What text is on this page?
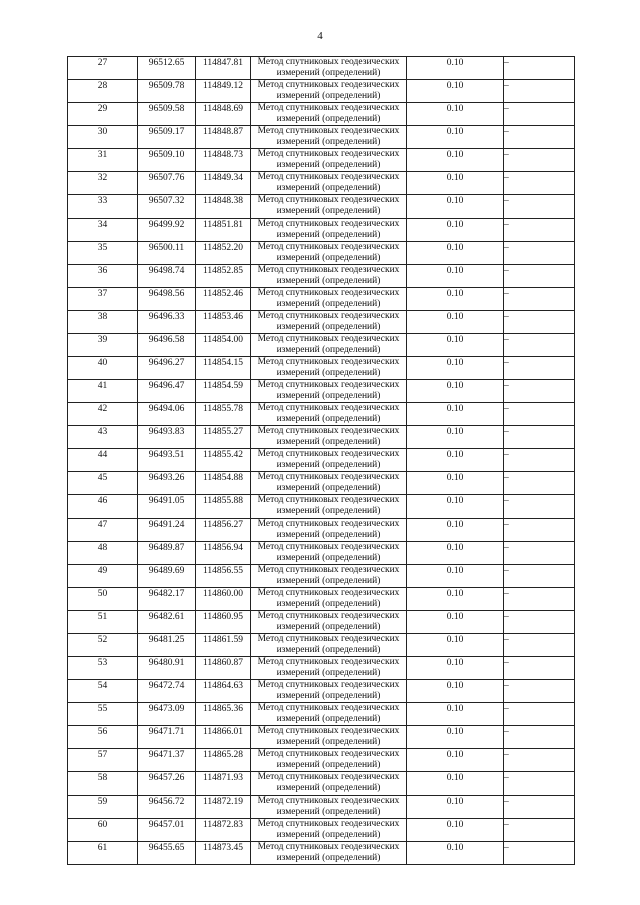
4
27	96512.65	114847.81	Метод спутниковых геодезических измерений (определений)	0.10	–

28	96509.78	114849.12	Метод спутниковых геодезических измерений (определений)	0.10	–

29	96509.58	114848.69	Метод спутниковых геодезических измерений (определений)	0.10	–

30	96509.17	114848.87	Метод спутниковых геодезических измерений (определений)	0.10	–

31	96509.10	114848.73	Метод спутниковых геодезических измерений (определений)	0.10	–

32	96507.76	114849.34	Метод спутниковых геодезических измерений (определений)	0.10	–

33	96507.32	114848.38	Метод спутниковых геодезических измерений (определений)	0.10	–

34	96499.92	114851.81	Метод спутниковых геодезических измерений (определений)	0.10	–

35	96500.11	114852.20	Метод спутниковых геодезических измерений (определений)	0.10	–

36	96498.74	114852.85	Метод спутниковых геодезических измерений (определений)	0.10	–

37	96498.56	114852.46	Метод спутниковых геодезических измерений (определений)	0.10	–

38	96496.33	114853.46	Метод спутниковых геодезических измерений (определений)	0.10	–

39	96496.58	114854.00	Метод спутниковых геодезических измерений (определений)	0.10	–

40	96496.27	114854.15	Метод спутниковых геодезических измерений (определений)	0.10	–

41	96496.47	114854.59	Метод спутниковых геодезических измерений (определений)	0.10	–

42	96494.06	114855.78	Метод спутниковых геодезических измерений (определений)	0.10	–

43	96493.83	114855.27	Метод спутниковых геодезических измерений (определений)	0.10	–

44	96493.51	114855.42	Метод спутниковых геодезических измерений (определений)	0.10	–

45	96493.26	114854.88	Метод спутниковых геодезических измерений (определений)	0.10	–

46	96491.05	114855.88	Метод спутниковых геодезических измерений (определений)	0.10	–

47	96491.24	114856.27	Метод спутниковых геодезических измерений (определений)	0.10	–

48	96489.87	114856.94	Метод спутниковых геодезических измерений (определений)	0.10	–

49	96489.69	114856.55	Метод спутниковых геодезических измерений (определений)	0.10	–

50	96482.17	114860.00	Метод спутниковых геодезических измерений (определений)	0.10	–

51	96482.61	114860.95	Метод спутниковых геодезических измерений (определений)	0.10	–

52	96481.25	114861.59	Метод спутниковых геодезических измерений (определений)	0.10	–

53	96480.91	114860.87	Метод спутниковых геодезических измерений (определений)	0.10	–

54	96472.74	114864.63	Метод спутниковых геодезических измерений (определений)	0.10	–

55	96473.09	114865.36	Метод спутниковых геодезических измерений (определений)	0.10	–

56	96471.71	114866.01	Метод спутниковых геодезических измерений (определений)	0.10	–

57	96471.37	114865.28	Метод спутниковых геодезических измерений (определений)	0.10	–

58	96457.26	114871.93	Метод спутниковых геодезических измерений (определений)	0.10	–

59	96456.72	114872.19	Метод спутниковых геодезических измерений (определений)	0.10	–

60	96457.01	114872.83	Метод спутниковых геодезических измерений (определений)	0.10	–

61	96455.65	114873.45	Метод спутниковых геодезических измерений (определений)	0.10	–
